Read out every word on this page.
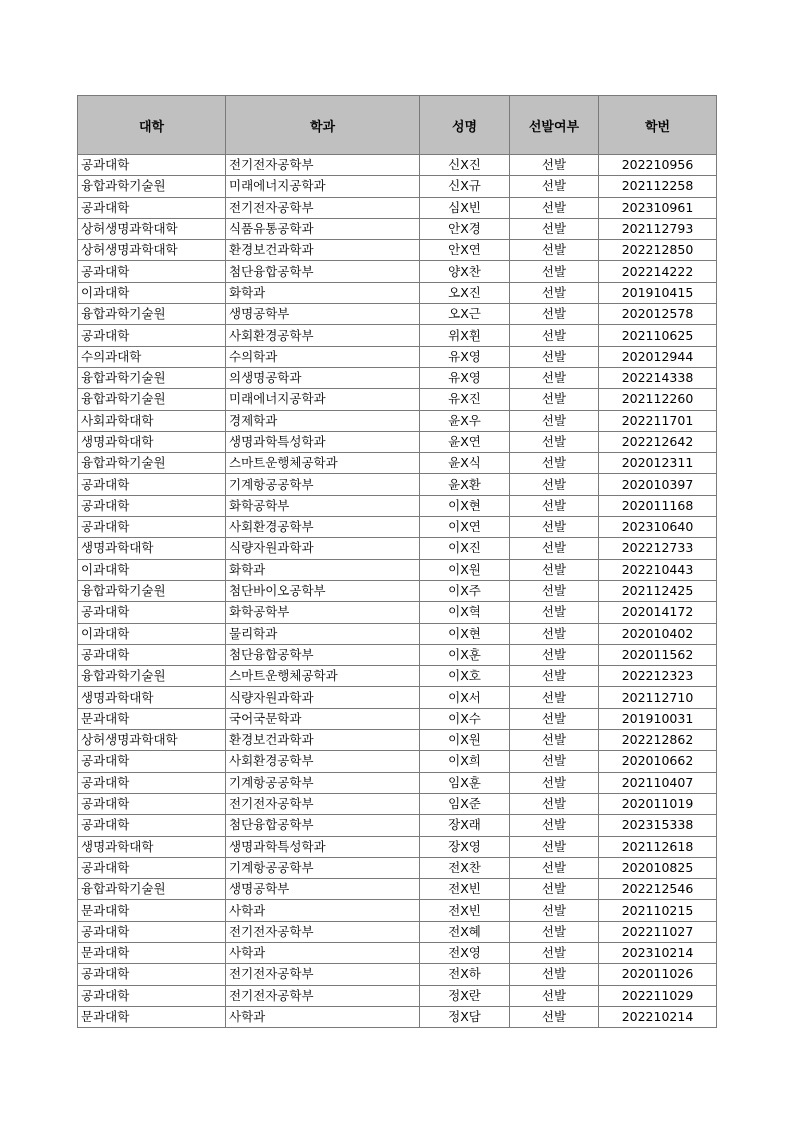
대학	학과	성명	선발여부	학번
공과대학	전기전자공학부	신X진	선발	202210956
융합과학기술원	미래에너지공학과	신X규	선발	202112258
공과대학	전기전자공학부	심X빈	선발	202310961
상허생명과학대학	식품유통공학과	안X경	선발	202112793
상허생명과학대학	환경보건과학과	안X연	선발	202212850
공과대학	첨단융합공학부	양X찬	선발	202214222
이과대학	화학과	오X진	선발	201910415
융합과학기술원	생명공학부	오X근	선발	202012578
공과대학	사회환경공학부	위X휜	선발	202110625
수의과대학	수의학과	유X영	선발	202012944
융합과학기술원	의생명공학과	유X영	선발	202214338
융합과학기술원	미래에너지공학과	유X진	선발	202112260
사회과학대학	경제학과	윤X우	선발	202211701
생명과학대학	생명과학특성학과	윤X연	선발	202212642
융합과학기술원	스마트운행체공학과	윤X식	선발	202012311
공과대학	기계항공공학부	윤X환	선발	202010397
공과대학	화학공학부	이X현	선발	202011168
공과대학	사회환경공학부	이X연	선발	202310640
생명과학대학	식량자원과학과	이X진	선발	202212733
이과대학	화학과	이X원	선발	202210443
융합과학기술원	첨단바이오공학부	이X주	선발	202112425
공과대학	화학공학부	이X혁	선발	202014172
이과대학	물리학과	이X현	선발	202010402
공과대학	첨단융합공학부	이X훈	선발	202011562
융합과학기술원	스마트운행체공학과	이X호	선발	202212323
생명과학대학	식량자원과학과	이X서	선발	202112710
문과대학	국어국문학과	이X수	선발	201910031
상허생명과학대학	환경보건과학과	이X원	선발	202212862
공과대학	사회환경공학부	이X희	선발	202010662
공과대학	기계항공공학부	임X훈	선발	202110407
공과대학	전기전자공학부	임X준	선발	202011019
공과대학	첨단융합공학부	장X래	선발	202315338
생명과학대학	생명과학특성학과	장X영	선발	202112618
공과대학	기계항공공학부	전X찬	선발	202010825
융합과학기술원	생명공학부	전X빈	선발	202212546
문과대학	사학과	전X빈	선발	202110215
공과대학	전기전자공학부	전X혜	선발	202211027
문과대학	사학과	전X영	선발	202310214
공과대학	전기전자공학부	전X하	선발	202011026
공과대학	전기전자공학부	정X란	선발	202211029
문과대학	사학과	정X담	선발	202210214
